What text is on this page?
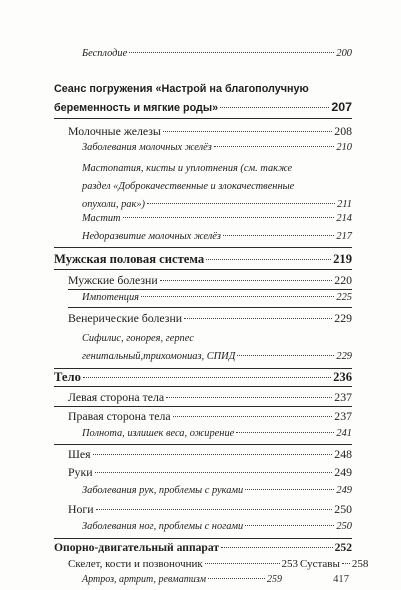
Бесплодие	200
Сеанс погружения «Настрой на благополучную
беременность и мягкие роды»	207
Молочные железы	208
Заболевания молочных желёз	210
Мастопатия, кисты и уплотнения (см. также
раздел «Доброкачественные и злокачественные
опухоли, рак»)	211
Мастит	214
Недоразвитие молочных желёз	217
Мужская половая система	219
Мужские болезни	220
Импотенция	225
Венерические болезни	229
Сифилис, гонорея, герпес
генитальный,трихомониаз, СПИД	229
Тело	236
Левая сторона тела	237
Правая сторона тела	237
Полнота, излишек веса, ожирение	241
Шея	248
Руки	249
Заболевания рук, проблемы с руками	249
Ноги	250
Заболевания ног, проблемы с ногами	250
Опорно-двигательный аппарат	252
Скелет, кости и позвоночник	253 Суставы 258
Артроз, артрит, ревматизм	259	417
